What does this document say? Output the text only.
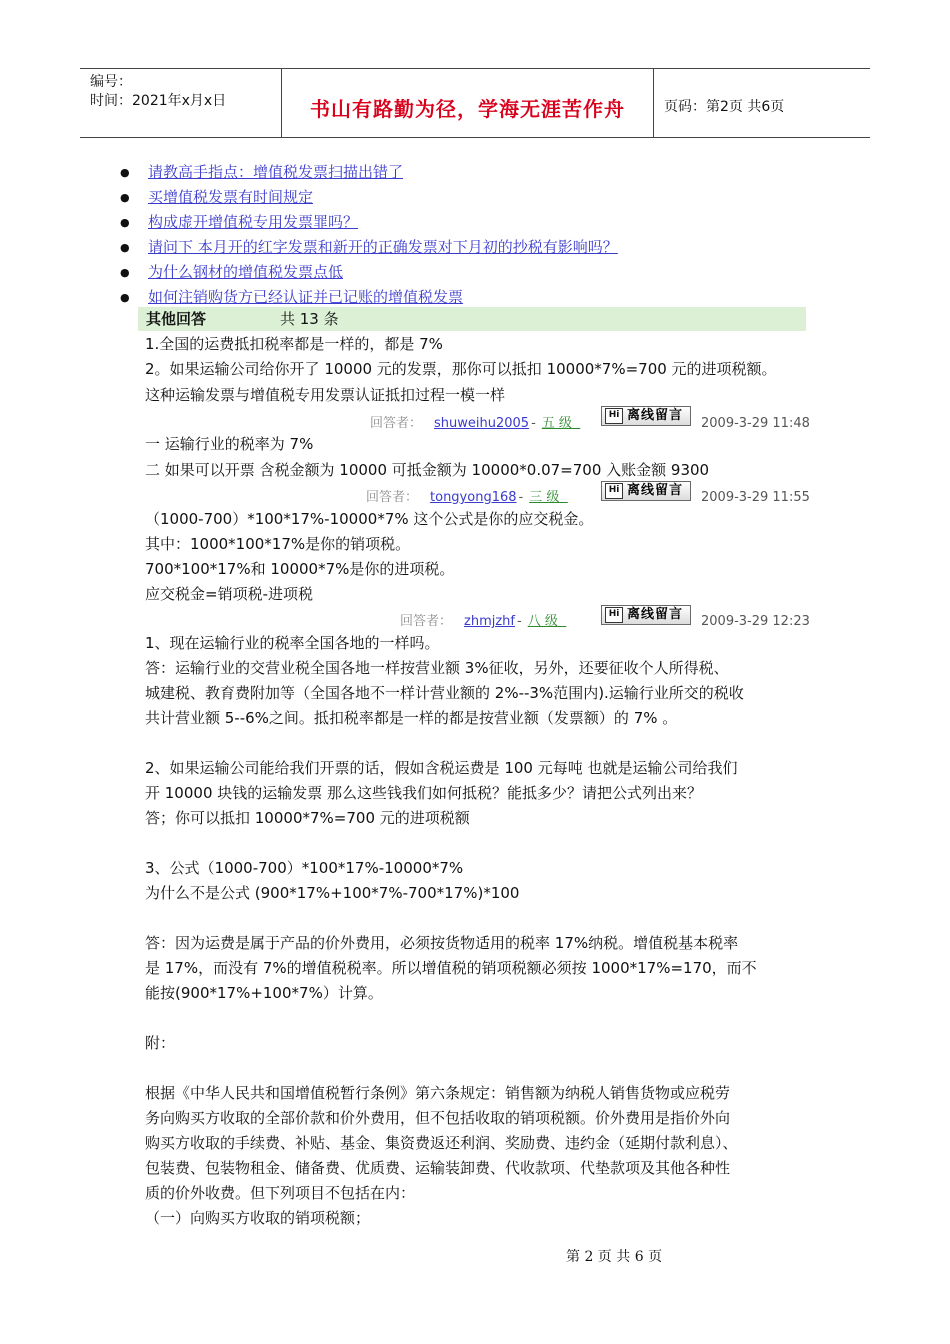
编号：
时间：2021年x月x日	书山有路勤为径，学海无涯苦作舟	页码：第2页 共6页
● 请教高手指点：增值税发票扫描出错了
● 买增值税发票有时间规定
● 构成虚开增值税专用发票罪吗？
● 请问下 本月开的红字发票和新开的正确发票对下月初的抄税有影响吗？
● 为什么钢材的增值税发票点低
● 如何注销购货方已经认证并已记账的增值税发票
其他回答	共 13 条
1.全国的运费抵扣税率都是一样的，都是 7%
2。如果运输公司给你开了 10000 元的发票，那你可以抵扣 10000*7%=700 元的进项税额。
这种运输发票与增值税专用发票认证抵扣过程一模一样
回答者： shuweihu2005 - 五 级
Hi 离线留言
2009-3-29 11:48
一 运输行业的税率为 7%
二 如果可以开票 含税金额为 10000 可抵金额为 10000*0.07=700 入账金额 9300
回答者： tongyong168 - 三 级	Hi 离线留言 2009-3-29 11:55
（1000-700）*100*17%-10000*7% 这个公式是你的应交税金。
其中：1000*100*17%是你的销项税。
700*100*17%和 10000*7%是你的进项税。
应交税金=销项税-进项税
回答者： zhmjzhf - 八 级	Hi 离线留言 2009-3-29 12:23
1、现在运输行业的税率全国各地的一样吗。
答：运输行业的交营业税全国各地一样按营业额 3%征收，另外，还要征收个人所得税、
城建税、教育费附加等（全国各地不一样计营业额的 2%--3%范围内).运输行业所交的税收
共计营业额 5--6%之间。抵扣税率都是一样的都是按营业额（发票额）的 7% 。
2、如果运输公司能给我们开票的话，假如含税运费是 100 元每吨 也就是运输公司给我们
开 10000 块钱的运输发票 那么这些钱我们如何抵税？能抵多少？请把公式列出来？
答；你可以抵扣 10000*7%=700 元的进项税额
3、公式（1000-700）*100*17%-10000*7%
为什么不是公式 (900*17%+100*7%-700*17%)*100
答：因为运费是属于产品的价外费用，必须按货物适用的税率 17%纳税。增值税基本税率
是 17%，而没有 7%的增值税税率。所以增值税的销项税额必须按 1000*17%=170，而不
能按(900*17%+100*7%）计算。
附：
根据《中华人民共和国增值税暂行条例》第六条规定：销售额为纳税人销售货物或应税劳
务向购买方收取的全部价款和价外费用，但不包括收取的销项税额。价外费用是指价外向
购买方收取的手续费、补贴、基金、集资费返还利润、奖励费、违约金（延期付款利息）、
包装费、包装物租金、储备费、优质费、运输装卸费、代收款项、代垫款项及其他各种性
质的价外收费。但下列项目不包括在内：
（一）向购买方收取的销项税额；
第 2 页 共 6 页
